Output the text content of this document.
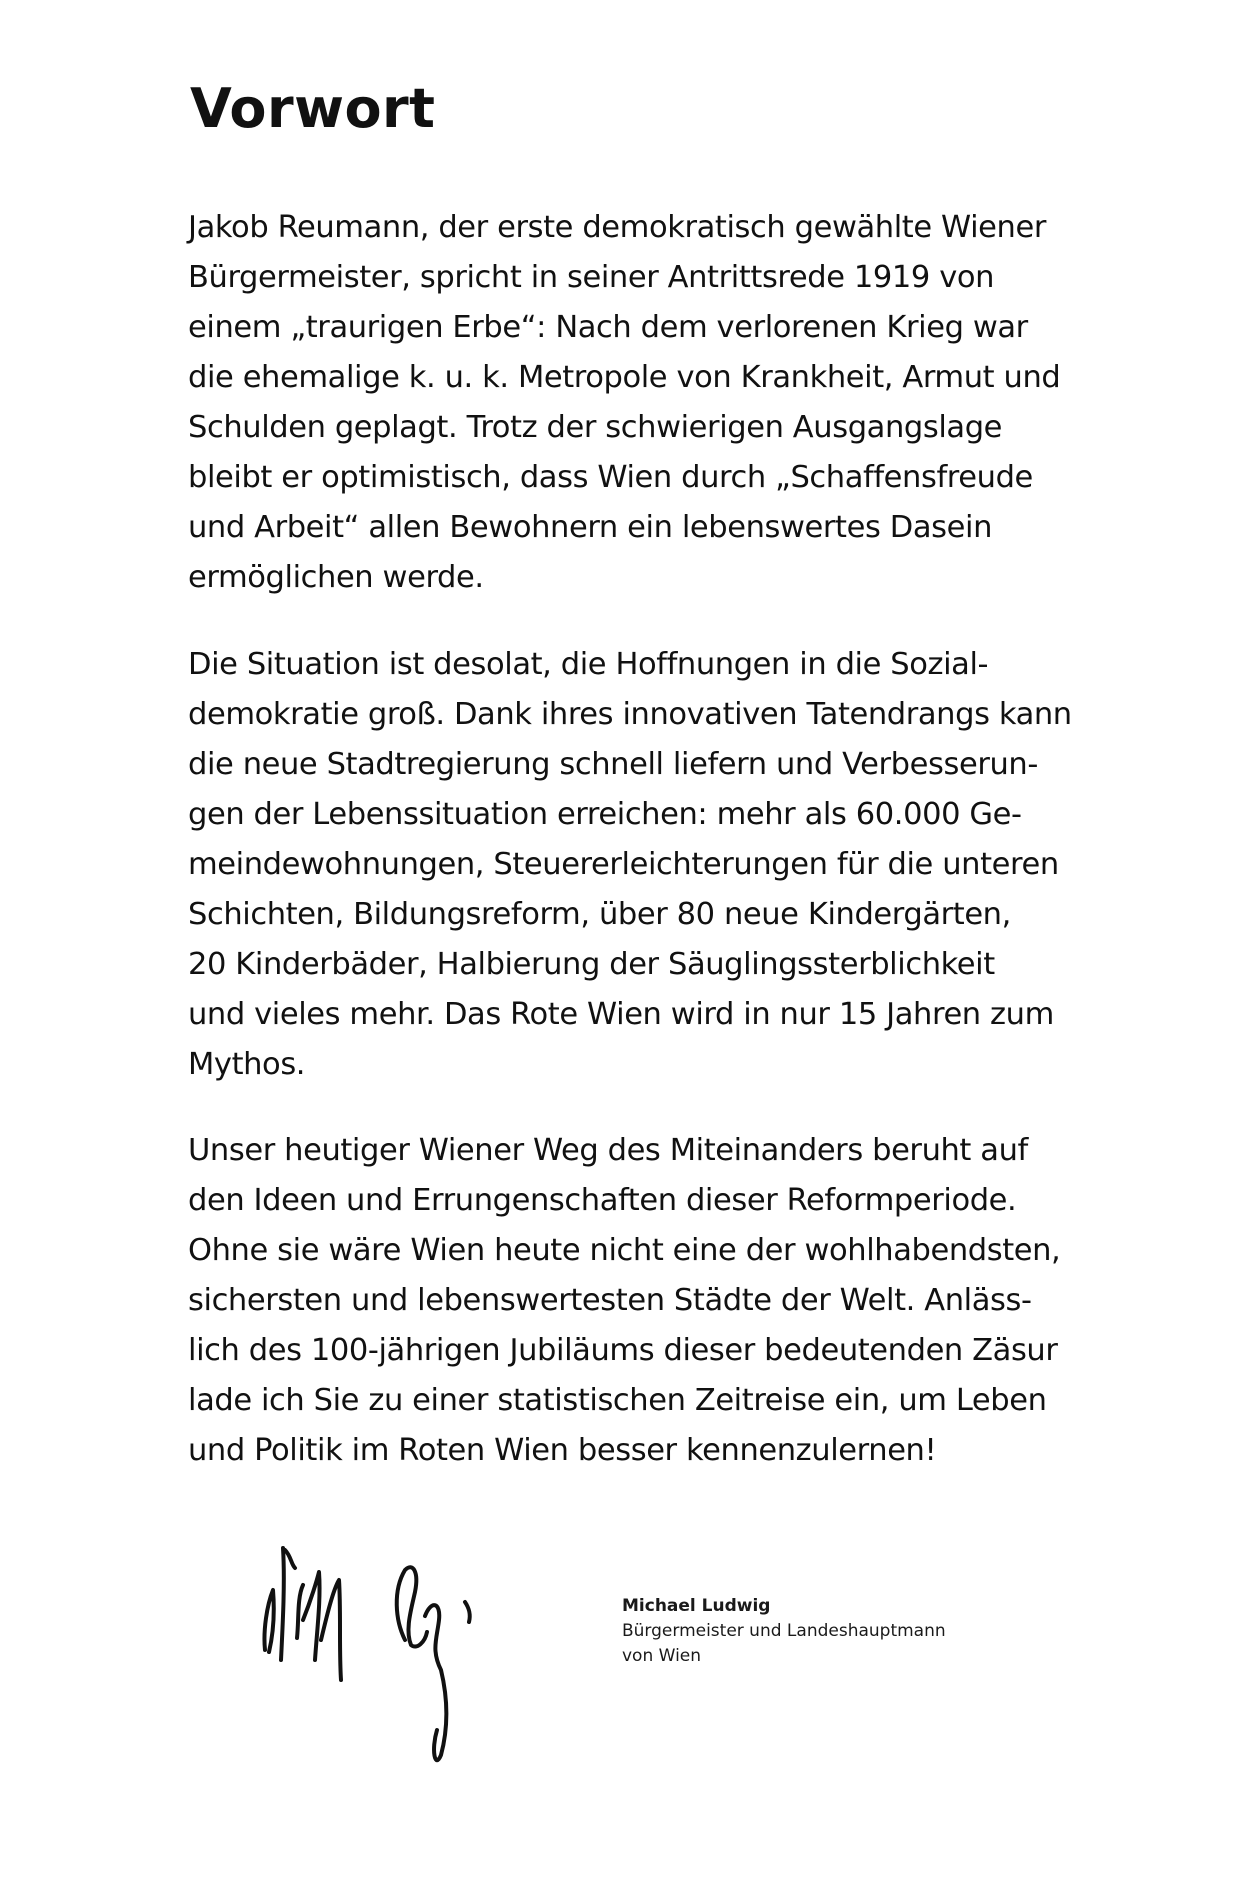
Vorwort
Jakob Reumann, der erste demokratisch gewählte Wiener
Bürgermeister, spricht in seiner Antrittsrede 1919 von
einem „traurigen Erbe“: Nach dem verlorenen Krieg war
die ehemalige k. u. k. Metropole von Krankheit, Armut und
Schulden geplagt. Trotz der schwierigen Ausgangslage
bleibt er optimistisch, dass Wien durch „Schaffensfreude
und Arbeit“ allen Bewohnern ein lebenswertes Dasein
ermöglichen werde.
Die Situation ist desolat, die Hoffnungen in die Sozial-
demokratie groß. Dank ihres innovativen Tatendrangs kann
die neue Stadtregierung schnell liefern und Verbesserun-
gen der Lebenssituation erreichen: mehr als 60.000 Ge-
meindewohnungen, Steuererleichterungen für die unteren
Schichten, Bildungsreform, über 80 neue Kindergärten,
20 Kinderbäder, Halbierung der Säuglingssterblichkeit
und vieles mehr. Das Rote Wien wird in nur 15 Jahren zum
Mythos.
Unser heutiger Wiener Weg des Miteinanders beruht auf
den Ideen und Errungenschaften dieser Reformperiode.
Ohne sie wäre Wien heute nicht eine der wohlhabendsten,
sichersten und lebenswertesten Städte der Welt. Anläss-
lich des 100-jährigen Jubiläums dieser bedeutenden Zäsur
lade ich Sie zu einer statistischen Zeitreise ein, um Leben
und Politik im Roten Wien besser kennenzulernen!
Michael Ludwig
Bürgermeister und Landeshauptmann
von Wien
